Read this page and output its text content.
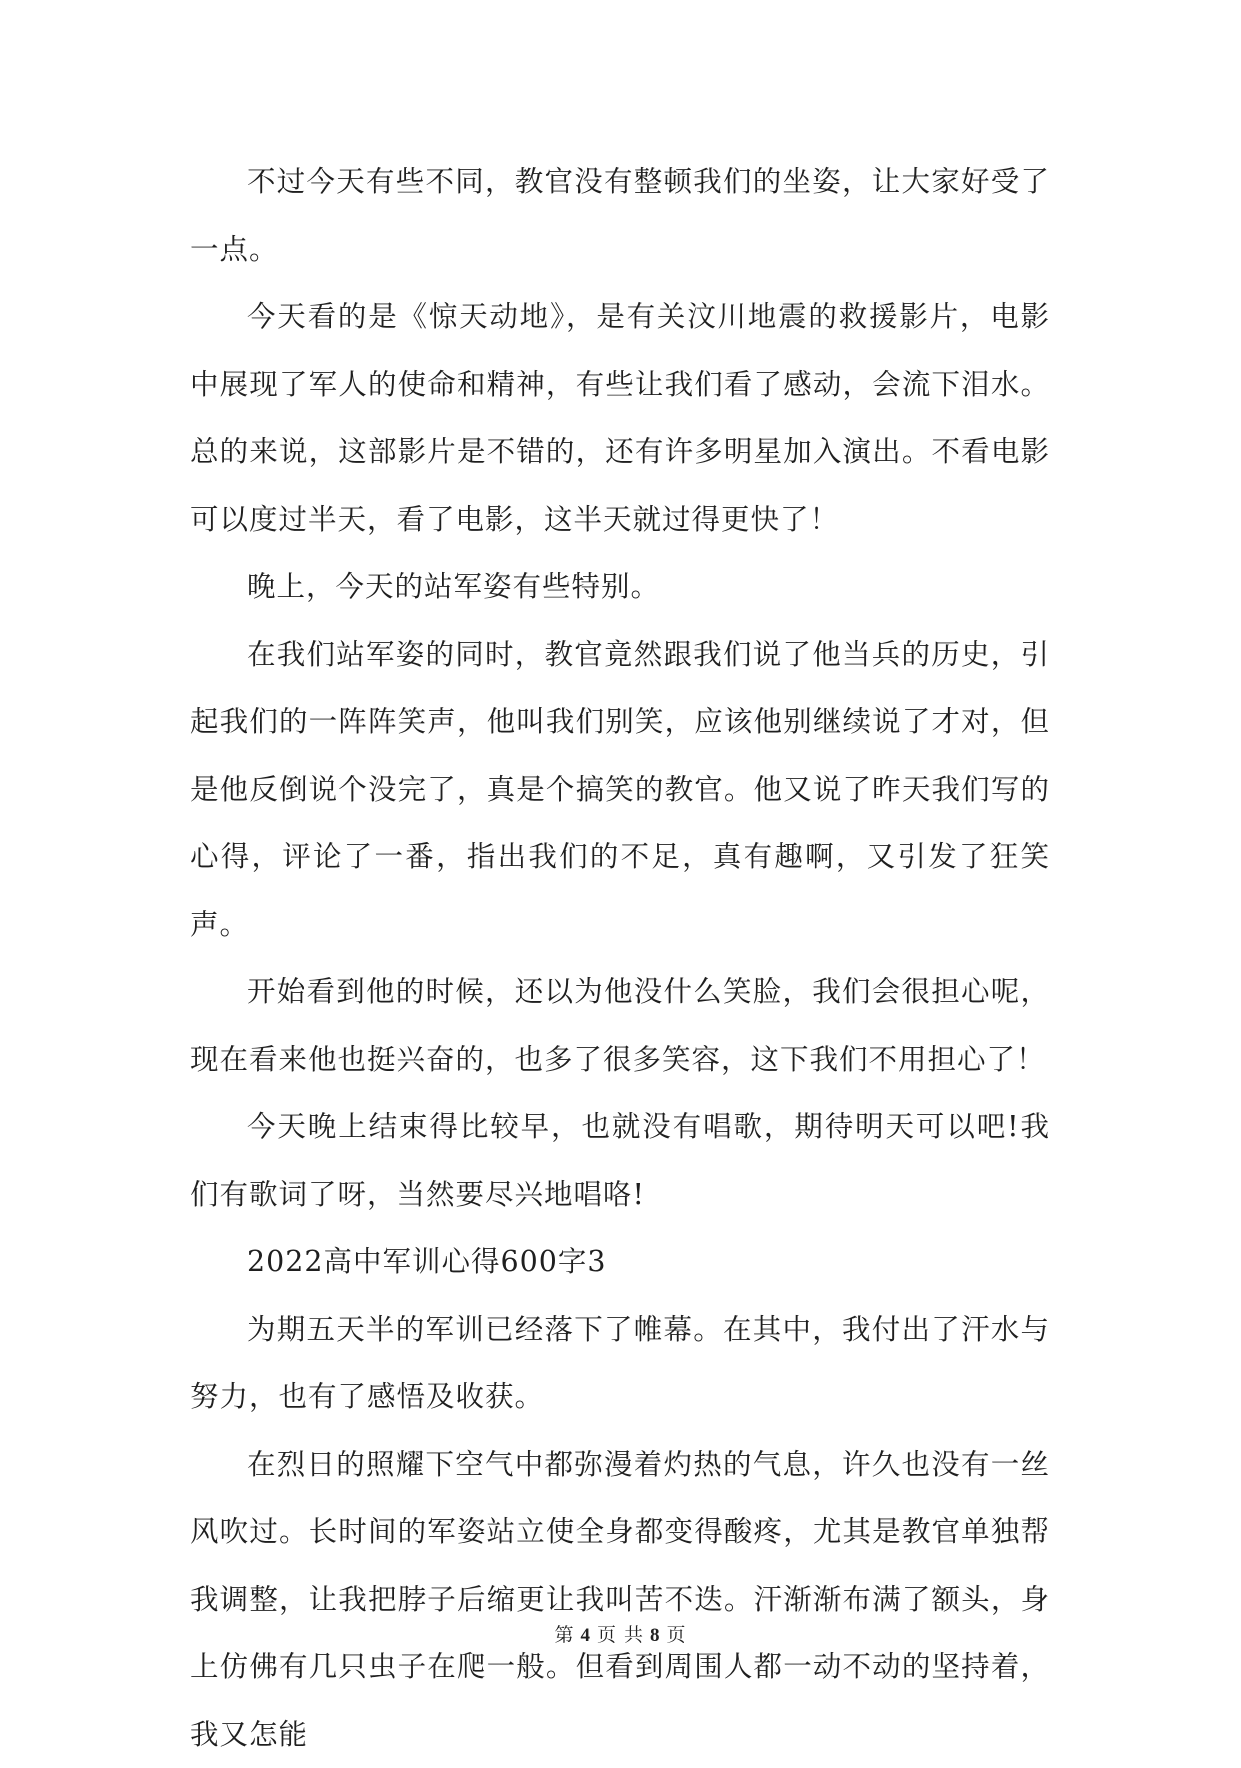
不过今天有些不同，教官没有整顿我们的坐姿，让大家好受了一点。

今天看的是《惊天动地》，是有关汶川地震的救援影片，电影中展现了军人的使命和精神，有些让我们看了感动，会流下泪水。总的来说，这部影片是不错的，还有许多明星加入演出。不看电影可以度过半天，看了电影，这半天就过得更快了！

晚上，今天的站军姿有些特别。

在我们站军姿的同时，教官竟然跟我们说了他当兵的历史，引起我们的一阵阵笑声，他叫我们别笑，应该他别继续说了才对，但是他反倒说个没完了，真是个搞笑的教官。他又说了昨天我们写的心得，评论了一番，指出我们的不足，真有趣啊，又引发了狂笑声。

开始看到他的时候，还以为他没什么笑脸，我们会很担心呢，现在看来他也挺兴奋的，也多了很多笑容，这下我们不用担心了！

今天晚上结束得比较早，也就没有唱歌，期待明天可以吧!我们有歌词了呀，当然要尽兴地唱咯!

2022高中军训心得600字3

为期五天半的军训已经落下了帷幕。在其中，我付出了汗水与努力，也有了感悟及收获。

在烈日的照耀下空气中都弥漫着灼热的气息，许久也没有一丝风吹过。长时间的军姿站立使全身都变得酸疼，尤其是教官单独帮我调整，让我把脖子后缩更让我叫苦不迭。汗渐渐布满了额头，身上仿佛有几只虫子在爬一般。但看到周围人都一动不动的坚持着，我又怎能

第 4 页 共 8 页
